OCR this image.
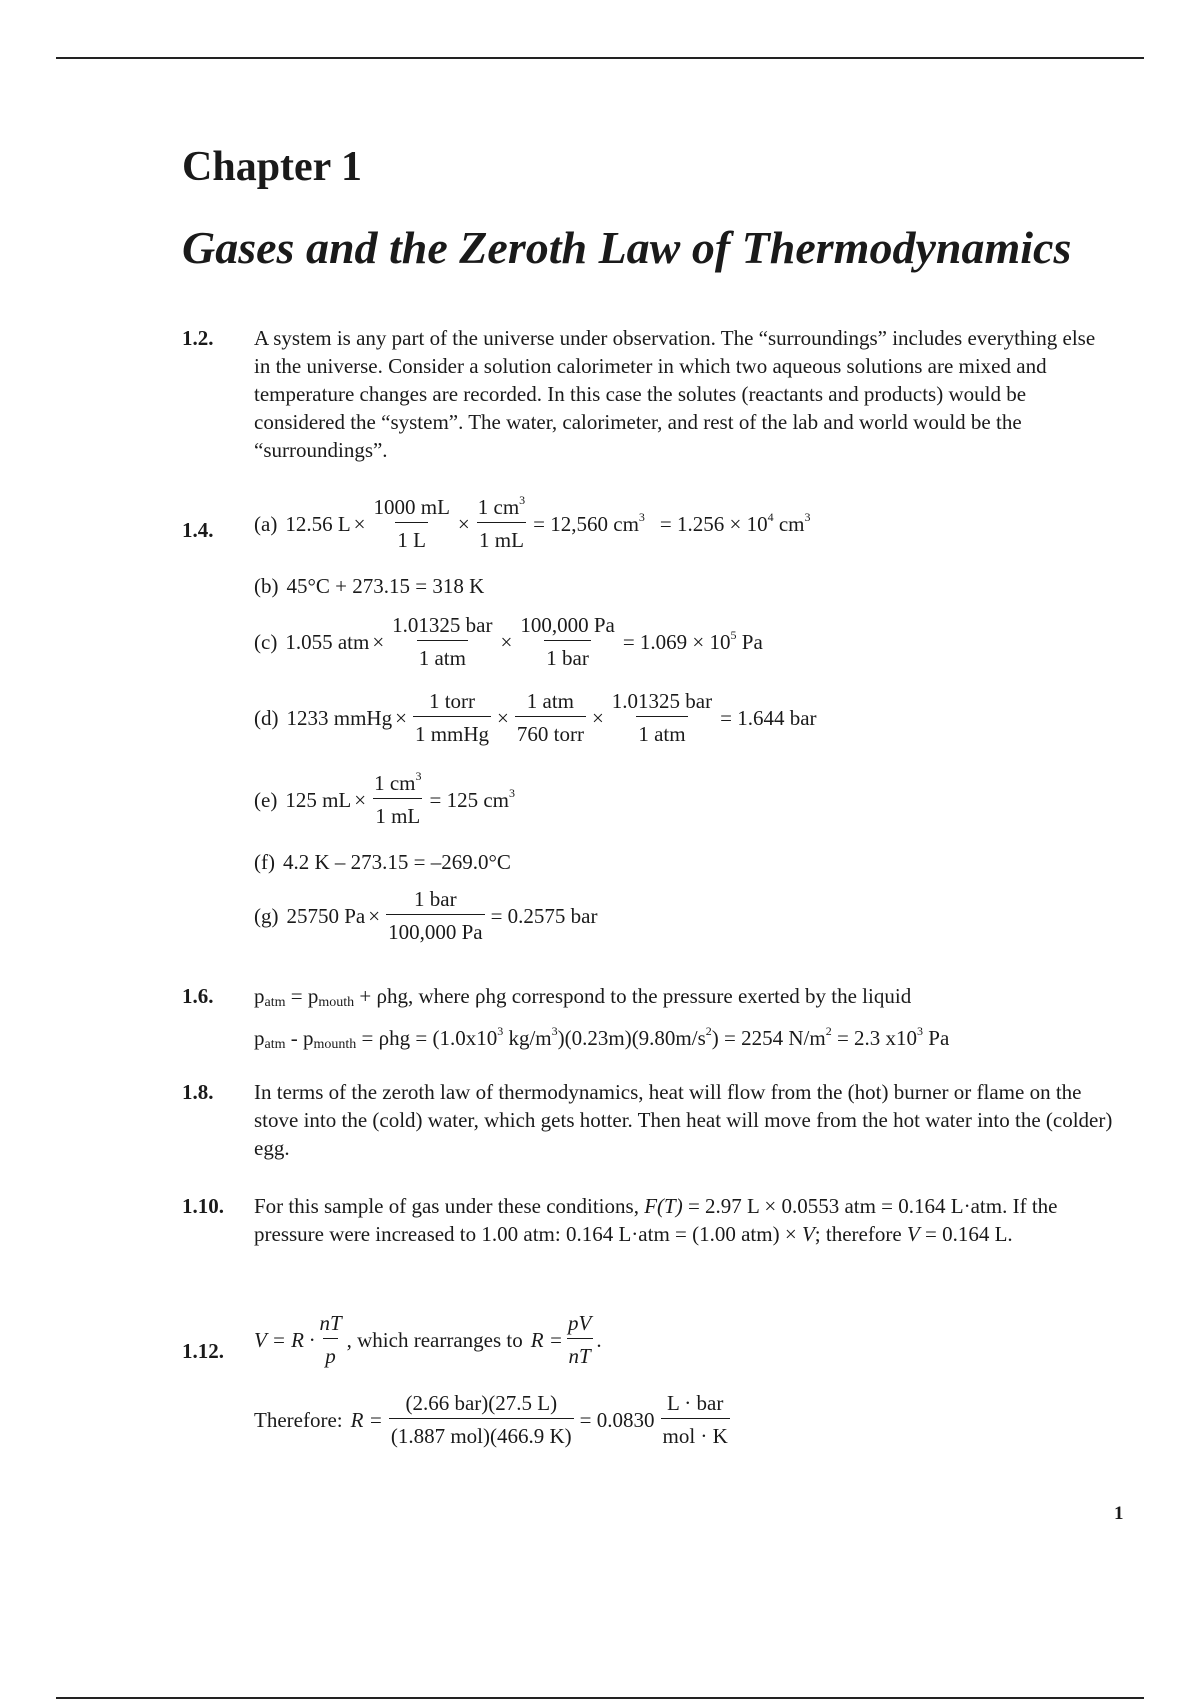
Chapter 1
Gases and the Zeroth Law of Thermodynamics
1.2. A system is any part of the universe under observation. The “surroundings” includes everything else in the universe. Consider a solution calorimeter in which two aqueous solutions are mixed and temperature changes are recorded. In this case the solutes (reactants and products) would be considered the “system”. The water, calorimeter, and rest of the lab and world would be the “surroundings”.
1.4. (a) 12.56 $L \times \frac{1000 mL}{1 L} \times \frac{1 cm^3}{1 mL} = 12,560$ $cm^3 = 1.256 \times 10^4$ $cm^3$
(b) 45°C + 273.15 = 318 K
(c) 1.055 atm × $\frac{\text{1.01325 bar}}{\text{1 atm}} \times \frac{100,000 Pa}{\text{1 bar}} = 1.069 \times 10^5$ Pa
(d) 1233 mmHg × $\frac{\text{1 torr}}{\text{1 mmHg}} \times \frac{\text{1 atm}}{\text{760 torr}} \times \frac{\text{1.01325 bar}}{\text{1 atm}} = 1.644$ bar
(e) 125 mL × $\frac{1 cm^3}{1 mL} = 125$ $cm^3$
(f) 4.2 K – 273.15 = –269.0°C
(g) 25750 $Pa \times \frac{\text{1 bar}}{100,000 Pa} = 0.2575$ bar
1.6. $p_{atm} = p_{mouth} + \rho hg$, where ρhg correspond to the pressure exerted by the liquid
$p_{atm} - p_{mounth} = \rho hg = (1.0x10^3$ $kg/m^3)(0.23m)(9.80m/s^2) = 2254$ $N/m^2 = 2.3$ $x10^3$ Pa
1.8. In terms of the zeroth law of thermodynamics, heat will flow from the (hot) burner or flame on the stove into the (cold) water, which gets hotter. Then heat will move from the hot water into the (colder) egg.
1.10. For this sample of gas under these conditions, F(T) = 2.97 L × 0.0553 atm = 0.164 L·atm. If the pressure were increased to 1.00 atm: 0.164 L·atm = (1.00 atm) × V; therefore V = 0.164 L.
1.12. $V = R \cdot \frac{nT}{p}$ , which rearranges to $R = \frac{pV}{nT}$ .
Therefore: $R = \frac{\text{(2.66 bar)(27.5 L)}}{\text{(1.887 mol)(466.9 K)}} = 0.0830 \frac{\text{L · bar}}{\text{mol · K}}$
1
